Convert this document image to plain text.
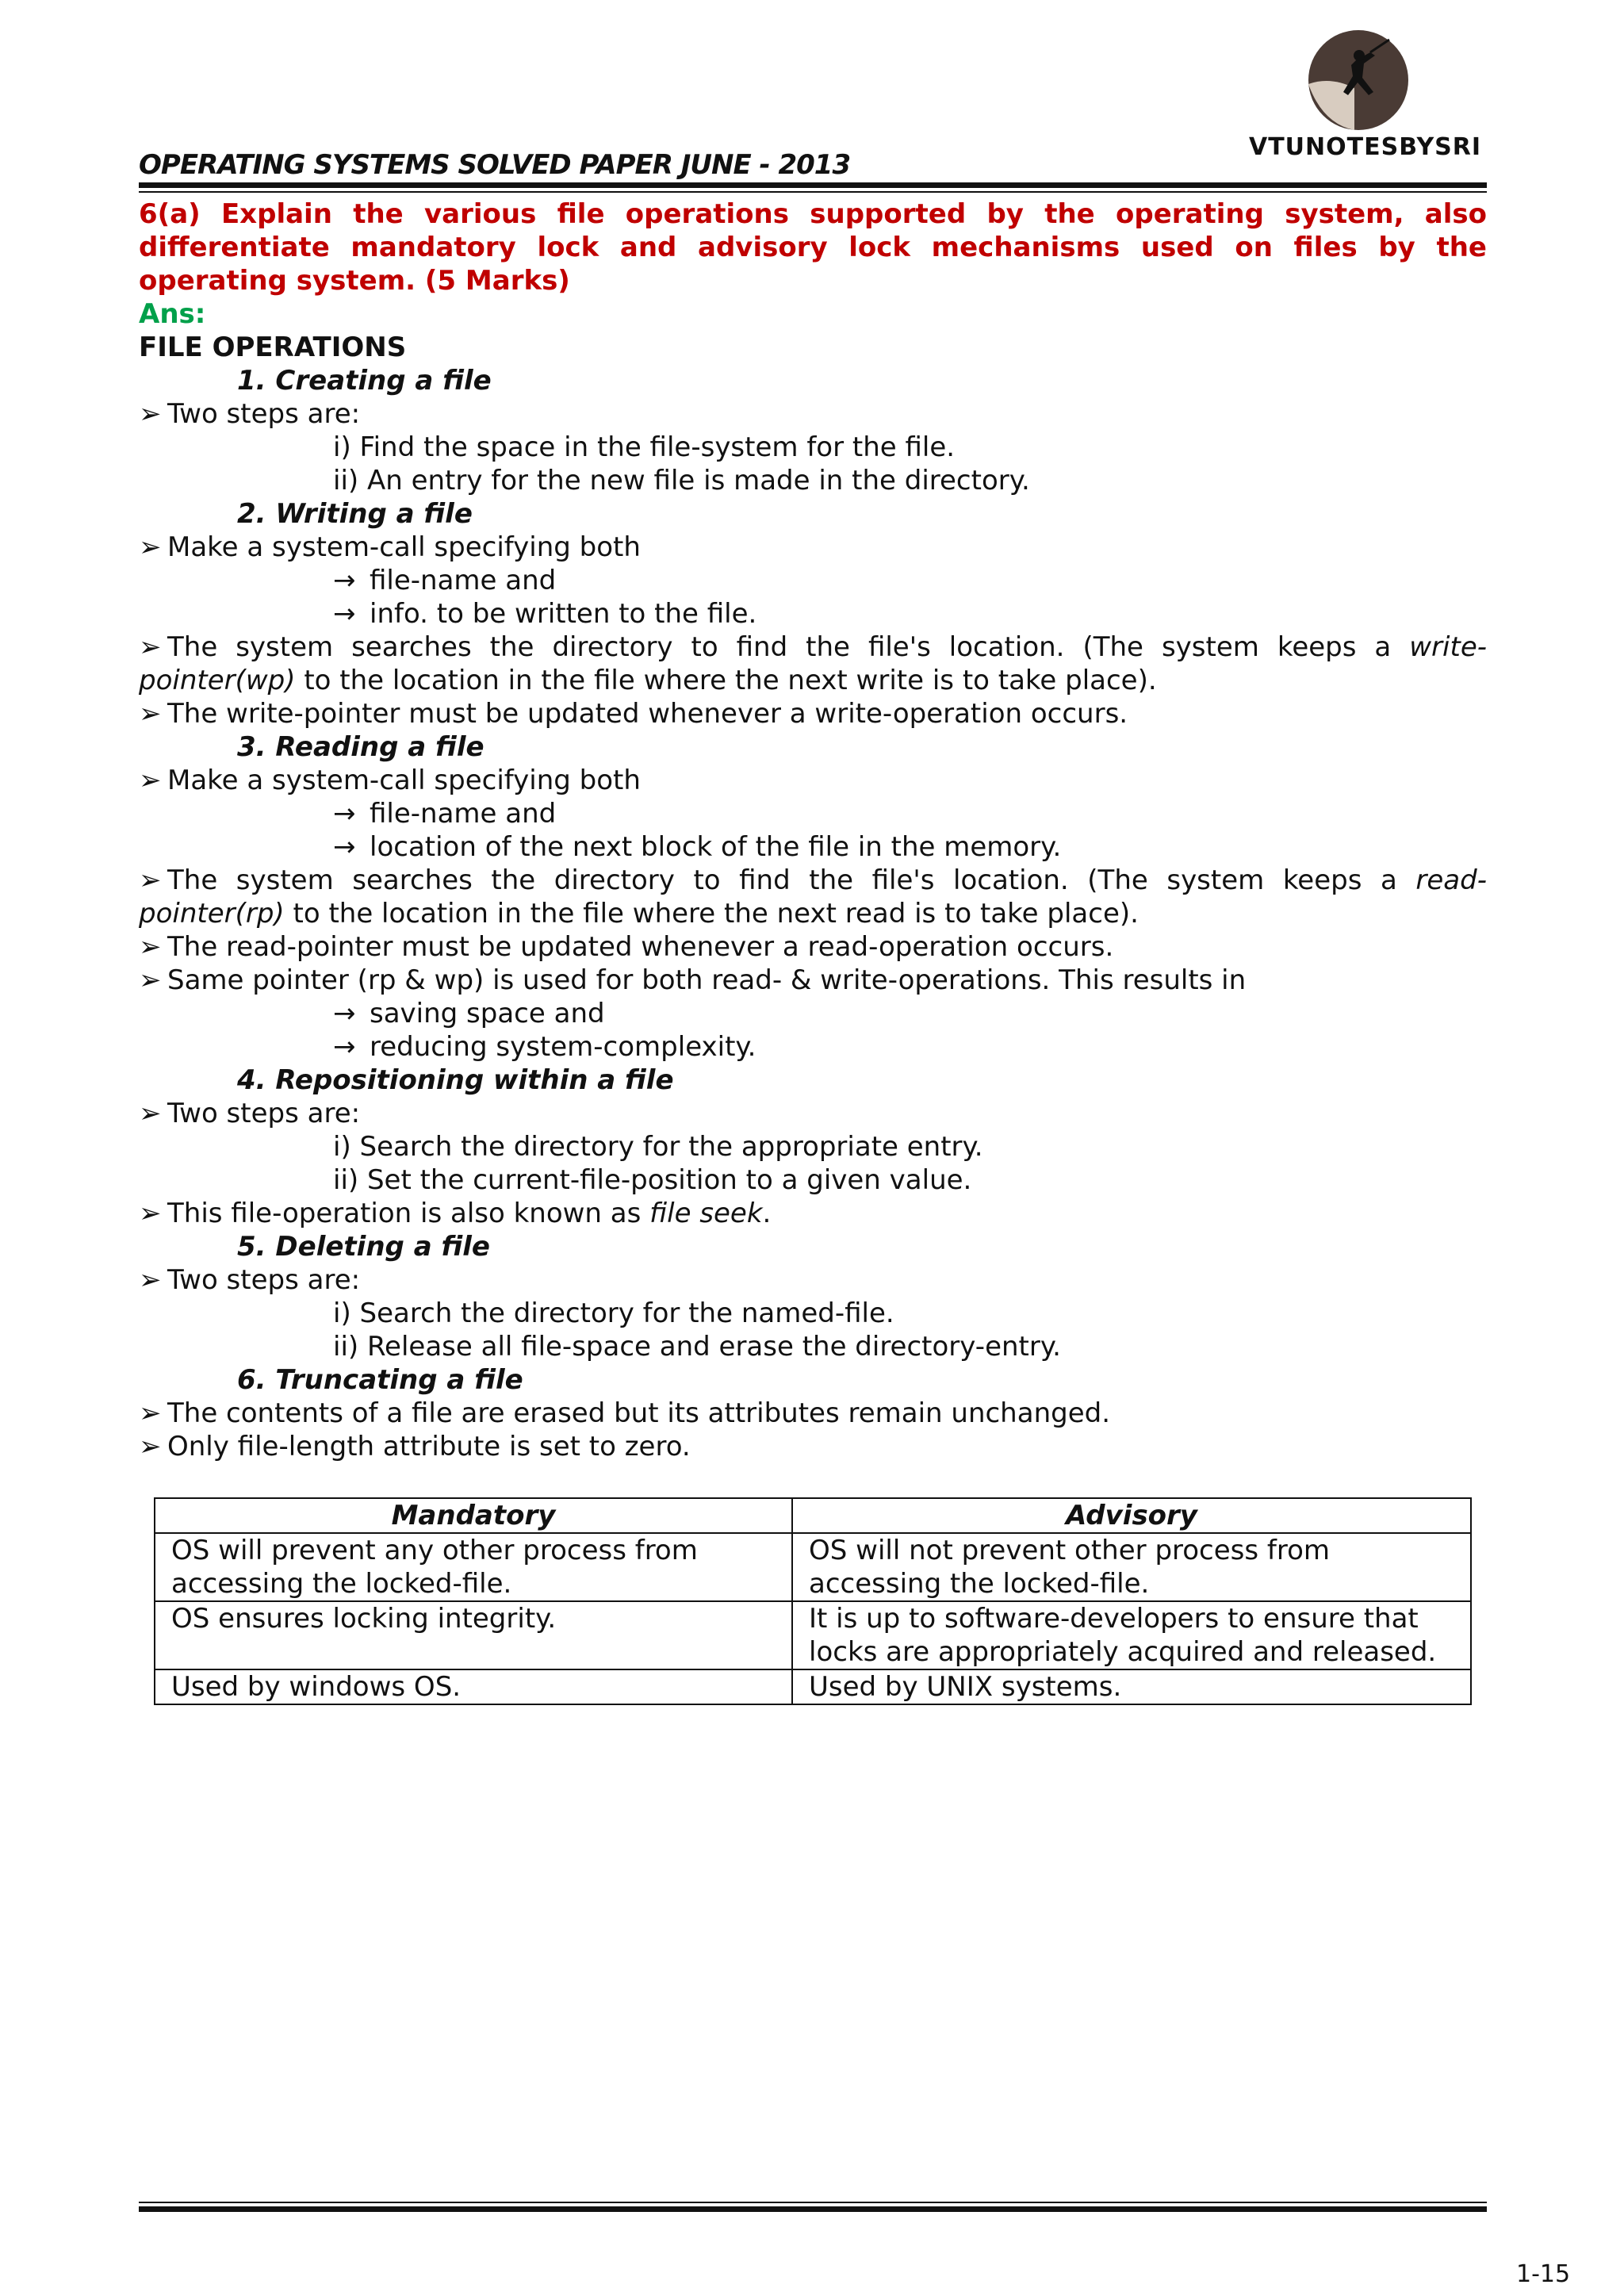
OPERATING SYSTEMS SOLVED PAPER JUNE - 2013
VTUNOTESBYSRI
6(a) Explain the various file operations supported by the operating system, also
differentiate mandatory lock and advisory lock mechanisms used on files by the
operating system. (5 Marks)
Ans:
FILE OPERATIONS
1. Creating a file
➢ Two steps are:
i) Find the space in the file-system for the file.
ii) An entry for the new file is made in the directory.
2. Writing a file
➢ Make a system-call specifying both
→ file-name and
→ info. to be written to the file.
➢ The system searches the directory to find the file's location. (The system keeps a write-
pointer(wp) to the location in the file where the next write is to take place).
➢ The write-pointer must be updated whenever a write-operation occurs.
3. Reading a file
➢ Make a system-call specifying both
→ file-name and
→ location of the next block of the file in the memory.
➢ The system searches the directory to find the file's location. (The system keeps a read-
pointer(rp) to the location in the file where the next read is to take place).
➢ The read-pointer must be updated whenever a read-operation occurs.
➢ Same pointer (rp & wp) is used for both read- & write-operations. This results in
→ saving space and
→ reducing system-complexity.
4. Repositioning within a file
➢ Two steps are:
i) Search the directory for the appropriate entry.
ii) Set the current-file-position to a given value.
➢ This file-operation is also known as file seek.
5. Deleting a file
➢ Two steps are:
i) Search the directory for the named-file.
ii) Release all file-space and erase the directory-entry.
6. Truncating a file
➢ The contents of a file are erased but its attributes remain unchanged.
➢ Only file-length attribute is set to zero.
Mandatory	Advisory
OS will prevent any other process from accessing the locked-file.	OS will not prevent other process from accessing the locked-file.
OS ensures locking integrity.	It is up to software-developers to ensure that locks are appropriately acquired and released.
Used by windows OS.	Used by UNIX systems.
1-15
